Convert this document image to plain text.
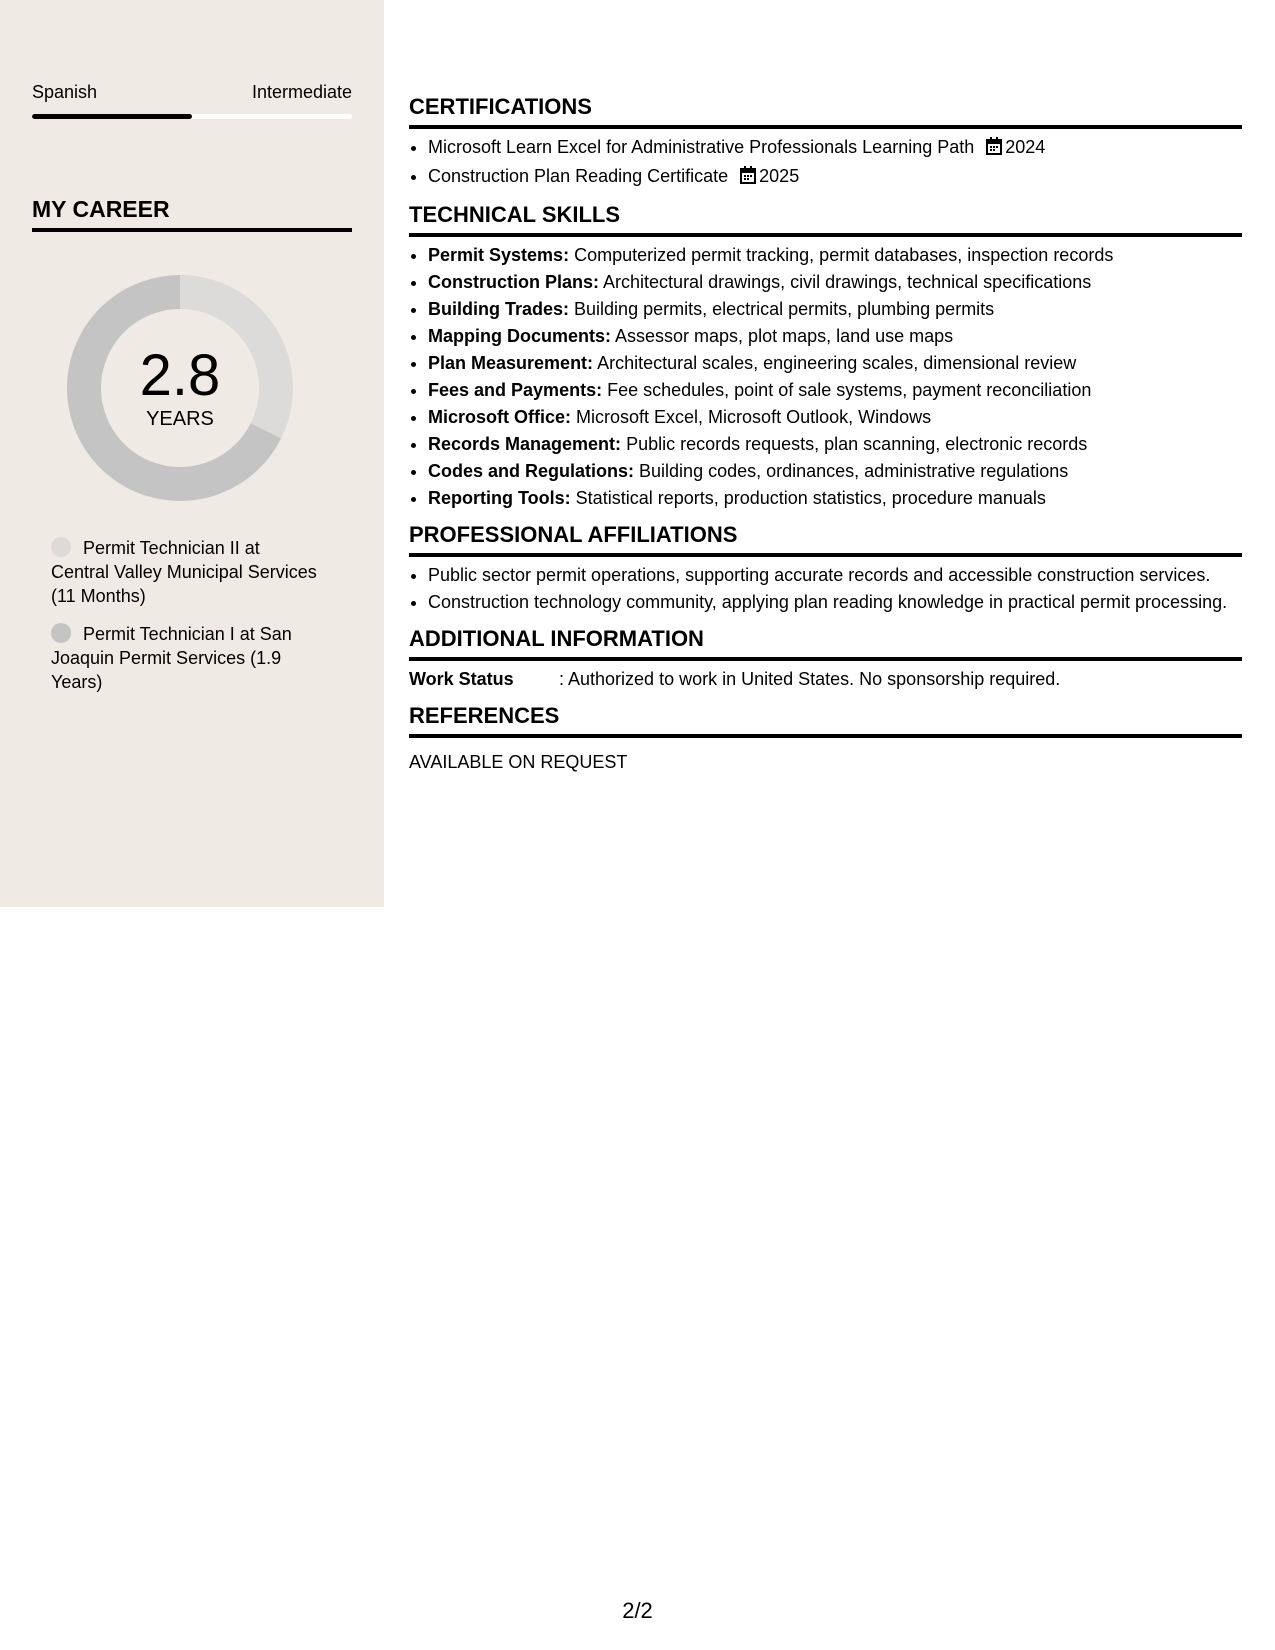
Spanish	Intermediate
MY CAREER
2.8
YEARS
Permit Technician II at Central Valley Municipal Services (11 Months)
Permit Technician I at San Joaquin Permit Services (1.9 Years)
CERTIFICATIONS
• Microsoft Learn Excel for Administrative Professionals Learning Path 2024
• Construction Plan Reading Certificate 2025
TECHNICAL SKILLS
• Permit Systems: Computerized permit tracking, permit databases, inspection records
• Construction Plans: Architectural drawings, civil drawings, technical specifications
• Building Trades: Building permits, electrical permits, plumbing permits
• Mapping Documents: Assessor maps, plot maps, land use maps
• Plan Measurement: Architectural scales, engineering scales, dimensional review
• Fees and Payments: Fee schedules, point of sale systems, payment reconciliation
• Microsoft Office: Microsoft Excel, Microsoft Outlook, Windows
• Records Management: Public records requests, plan scanning, electronic records
• Codes and Regulations: Building codes, ordinances, administrative regulations
• Reporting Tools: Statistical reports, production statistics, procedure manuals
PROFESSIONAL AFFILIATIONS
• Public sector permit operations, supporting accurate records and accessible construction services.
• Construction technology community, applying plan reading knowledge in practical permit processing.
ADDITIONAL INFORMATION
Work Status	: Authorized to work in United States. No sponsorship required.
REFERENCES
AVAILABLE ON REQUEST
2/2
